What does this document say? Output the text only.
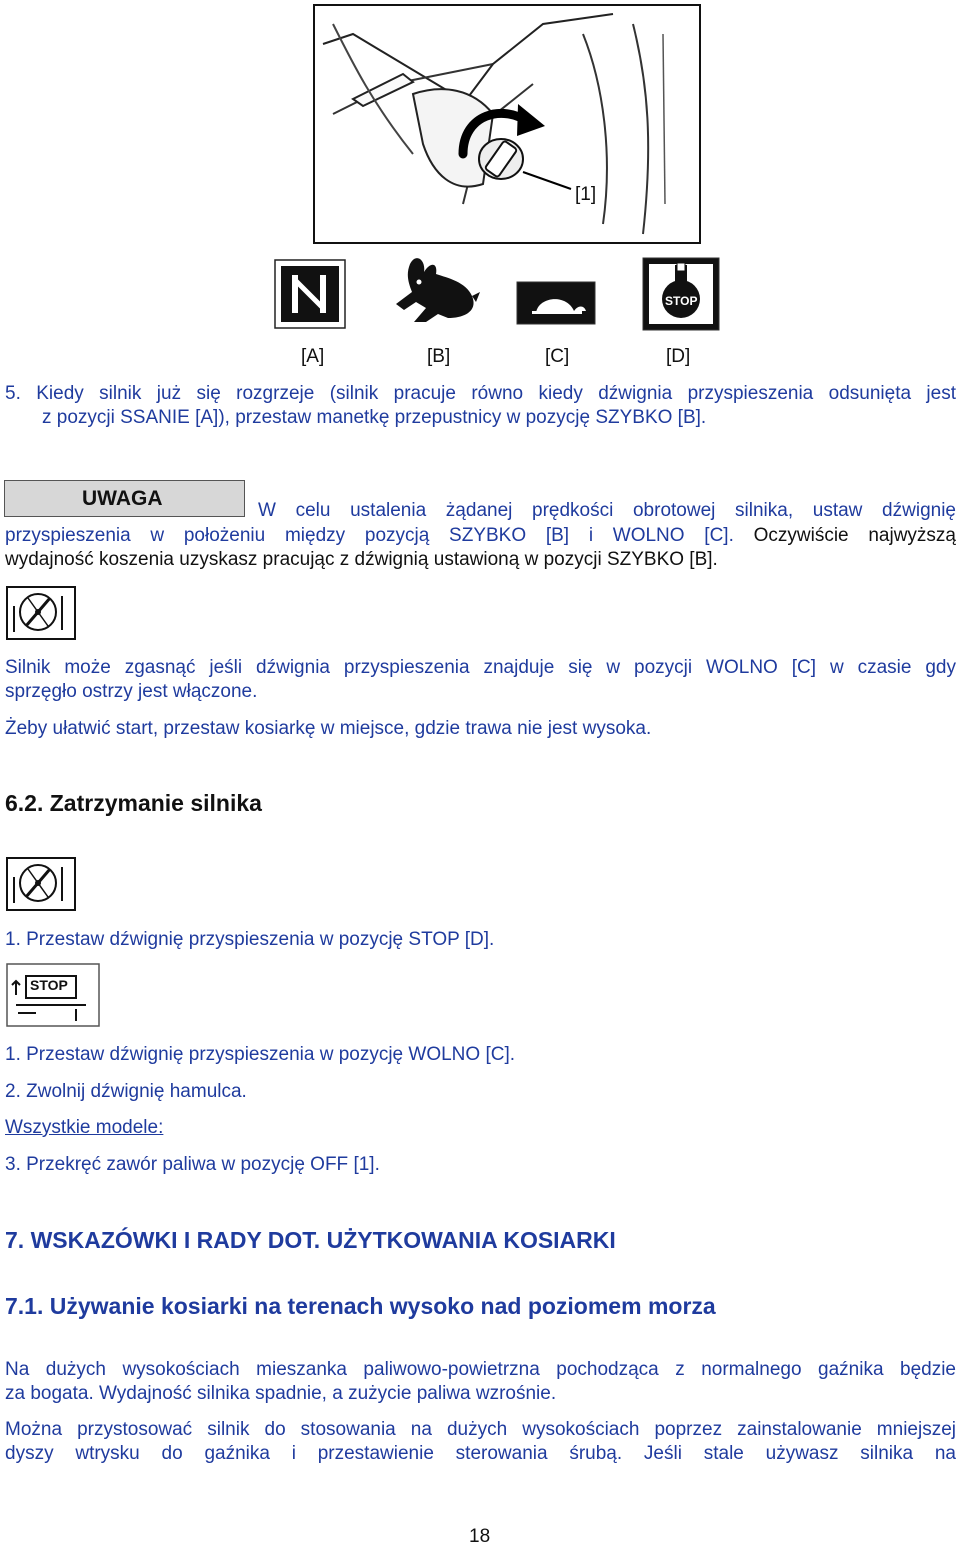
[1]
STOP
[A]	[B]	[C]	[D]
5. Kiedy silnik już się rozgrzeje (silnik pracuje równo kiedy dźwignia przyspieszenia odsunięta jest
z pozycji SSANIE [A]), przestaw manetkę przepustnicy w pozycję SZYBKO [B].
UWAGA
W celu ustalenia żądanej prędkości obrotowej silnika, ustaw dźwignię
przyspieszenia w położeniu między pozycją SZYBKO [B] i WOLNO [C]. Oczywiście najwyższą
wydajność koszenia uzyskasz pracując z dźwignią ustawioną w pozycji SZYBKO [B].
Silnik może zgasnąć jeśli dźwignia przyspieszenia znajduje się w pozycji WOLNO [C] w czasie gdy
sprzęgło ostrzy jest włączone.
Żeby ułatwić start, przestaw kosiarkę w miejsce, gdzie trawa nie jest wysoka.
6.2. Zatrzymanie silnika
1. Przestaw dźwignię przyspieszenia w pozycję STOP [D].
STOP
1. Przestaw dźwignię przyspieszenia w pozycję WOLNO [C].
2. Zwolnij dźwignię hamulca.
Wszystkie modele:
3. Przekręć zawór paliwa w pozycję OFF [1].
7. WSKAZÓWKI I RADY DOT. UŻYTKOWANIA KOSIARKI
7.1. Używanie kosiarki na terenach wysoko nad poziomem morza
Na dużych wysokościach mieszanka paliwowo-powietrzna pochodząca z normalnego gaźnika będzie
za bogata. Wydajność silnika spadnie, a zużycie paliwa wzrośnie.
Można przystosować silnik do stosowania na dużych wysokościach poprzez zainstalowanie mniejszej
dyszy wtrysku do gaźnika i przestawienie sterowania śrubą. Jeśli stale używasz silnika na
18
